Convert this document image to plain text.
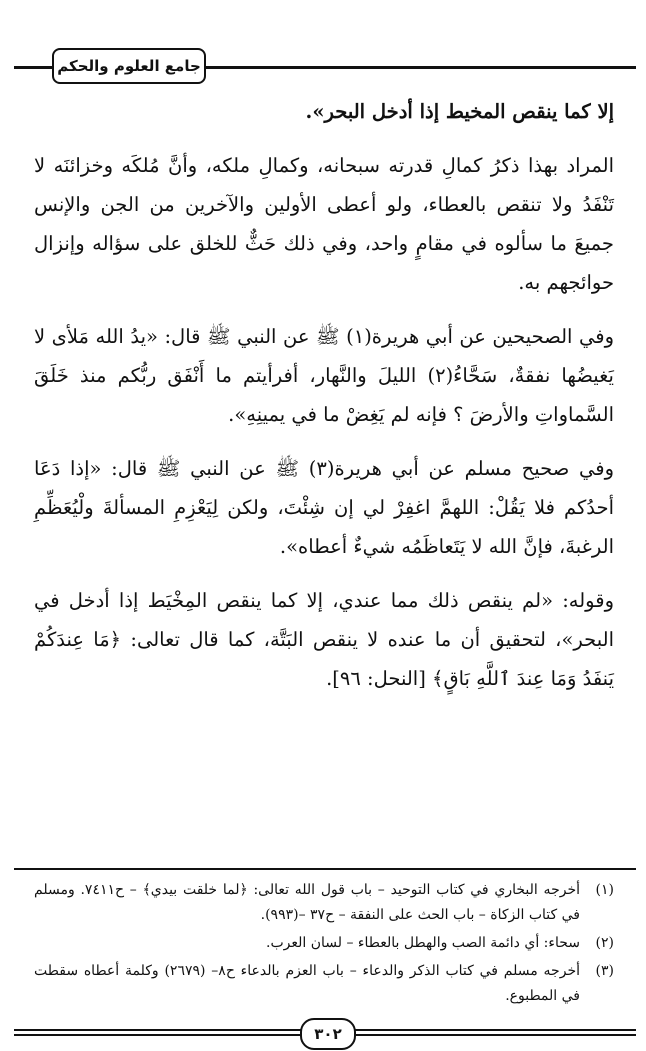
جامع العلوم والحكم

إلا كما ينقص المخيط إذا أدخل البحر».

المراد بهذا ذكرُ كمالِ قدرته سبحانه، وكمالِ ملكه، وأنَّ مُلكَه وخزائنَه لا تَنْفَدُ ولا تنقص بالعطاء، ولو أعطى الأولين والآخرين من الجن والإنس جميعَ ما سألوه في مقامٍ واحد، وفي ذلك حَثٌّ للخلق على سؤاله وإنزال حوائجهم به.

وفي الصحيحين عن أبي هريرة(١) ﷺ عن النبي ﷺ قال: «يدُ الله مَلأى لا يَغيضُها نفقةٌ، سَحَّاءُ(٢) الليلَ والنَّهار، أفرأيتم ما أَنْفَق ربُّكم منذ خَلَقَ السَّماواتِ والأرضَ ؟ فإنه لم يَغِضْ ما في يمينِهِ».

وفي صحيح مسلم عن أبي هريرة(٣) ﷺ عن النبي ﷺ قال: «إذا دَعَا أحدُكم فلا يَقُلْ: اللهمَّ اغفِرْ لي إن شِئْتَ، ولكن لِيَعْزِمِ المسألةَ ولْيُعَظِّمِ الرغبةَ، فإنَّ الله لا يَتَعاظَمُه شيءٌ أعطاه».

وقوله: «لم ينقص ذلك مما عندي، إلا كما ينقص المِخْيَط إذا أدخل في البحر»، لتحقيق أن ما عنده لا ينقص البَتَّة، كما قال تعالى: ﴿مَا عِندَكُمْ يَنفَدُ وَمَا عِندَ ٱللَّهِ بَاقٍ﴾ [النحل: ٩٦].

(١)
أخرجه البخاري في كتاب التوحيد – باب قول الله تعالى: ﴿لما خلقت بيدي﴾ – ح٧٤١١. ومسلم في كتاب الزكاة – باب الحث على النفقة – ح٣٧ –(٩٩٣).
(٢)
سحاء: أي دائمة الصب والهطل بالعطاء – لسان العرب.
(٣)
أخرجه مسلم في كتاب الذكر والدعاء – باب العزم بالدعاء ح٨– (٢٦٧٩) وكلمة أعطاه سقطت في المطبوع.
٣٠٢
